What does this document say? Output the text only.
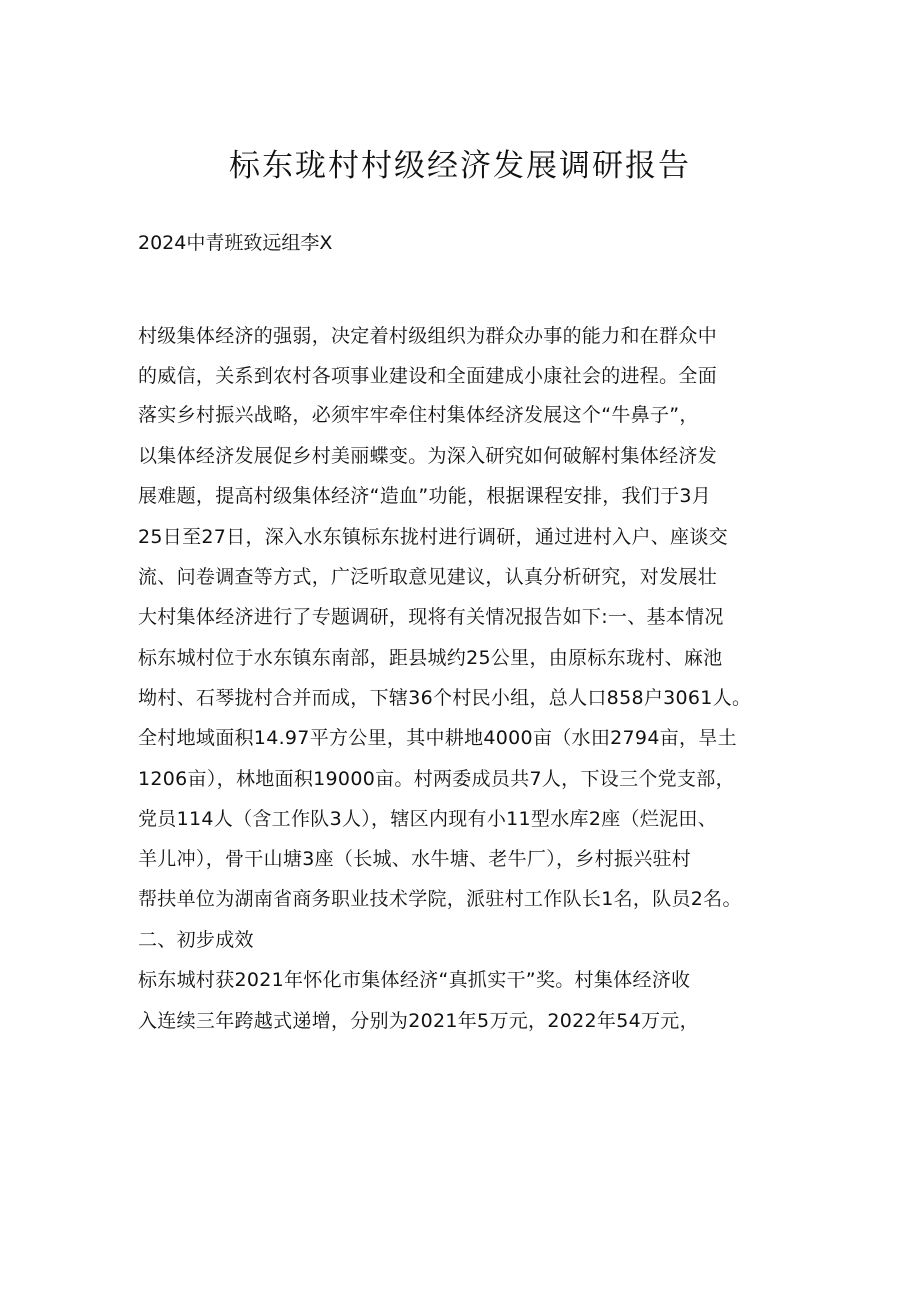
标东珑村村级经济发展调研报告

2024中青班致远组李X

村级集体经济的强弱，决定着村级组织为群众办事的能力和在群众中

的威信，关系到农村各项事业建设和全面建成小康社会的进程。全面

落实乡村振兴战略，必须牢牢牵住村集体经济发展这个“牛鼻子”，

以集体经济发展促乡村美丽蝶变。为深入研究如何破解村集体经济发

展难题，提高村级集体经济“造血”功能，根据课程安排，我们于3月

25日至27日，深入水东镇标东拢村进行调研，通过进村入户、座谈交

流、问卷调查等方式，广泛听取意见建议，认真分析研究，对发展壮

大村集体经济进行了专题调研，现将有关情况报告如下:一、基本情况

标东城村位于水东镇东南部，距县城约25公里，由原标东珑村、麻池

坳村、石琴拢村合并而成，下辖36个村民小组，总人口858户3061人。

全村地域面积14.97平方公里，其中耕地4000亩（水田2794亩，旱土

1206亩），林地面积19000亩。村两委成员共7人，下设三个党支部，

党员114人（含工作队3人），辖区内现有小11型水库2座（烂泥田、

羊儿冲），骨干山塘3座（长城、水牛塘、老牛厂），乡村振兴驻村

帮扶单位为湖南省商务职业技术学院，派驻村工作队长1名，队员2名。

二、初步成效

标东城村获2021年怀化市集体经济“真抓实干”奖。村集体经济收

入连续三年跨越式递增，分别为2021年5万元，2022年54万元，
